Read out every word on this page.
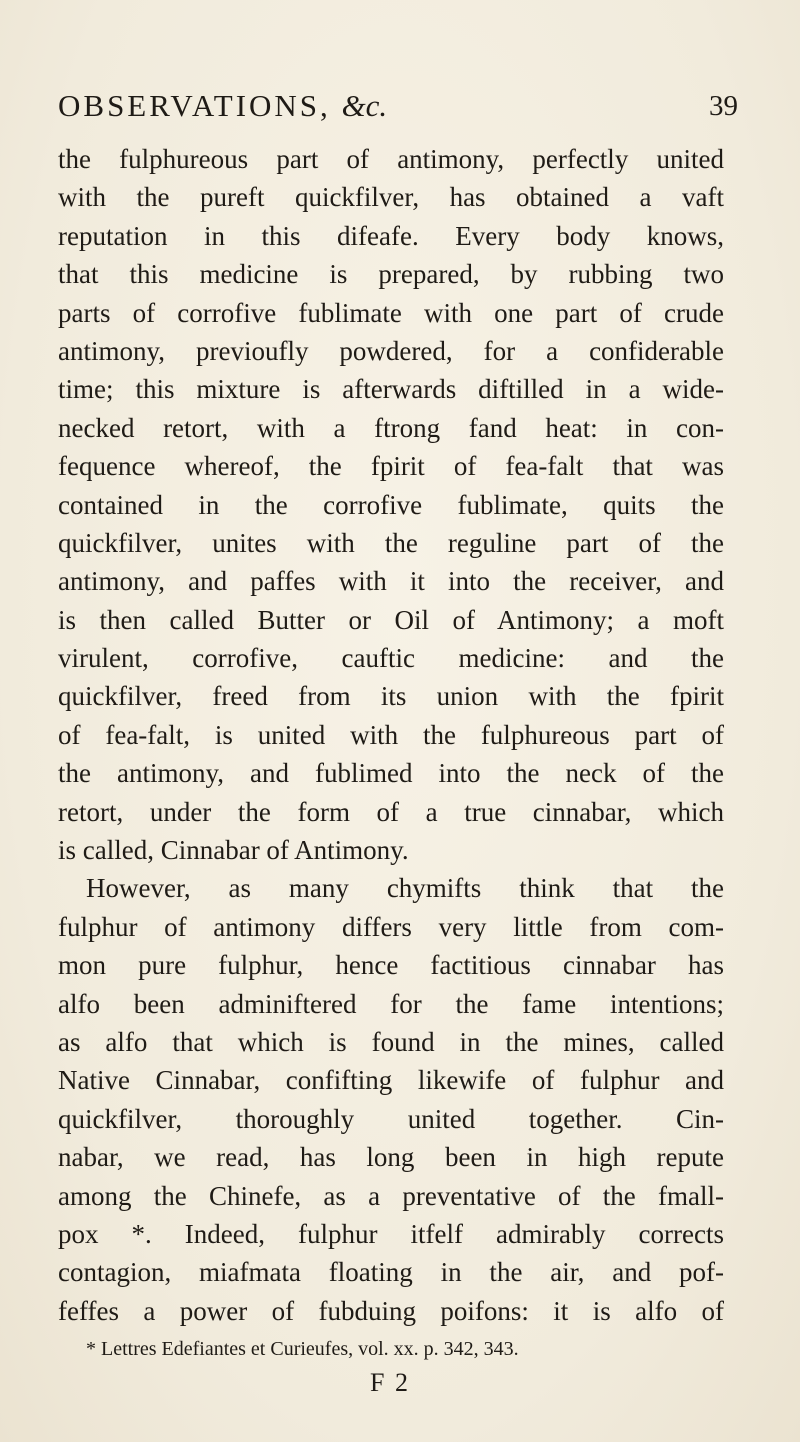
OBSERVATIONS, &c.	39
the fulphureous part of antimony, perfectly united
with the pureft quickfilver, has obtained a vaft
reputation in this difeafe. Every body knows,
that this medicine is prepared, by rubbing two
parts of corrofive fublimate with one part of crude
antimony, previoufly powdered, for a confiderable
time; this mixture is afterwards diftilled in a wide-
necked retort, with a ftrong fand heat: in con-
fequence whereof, the fpirit of fea-falt that was
contained in the corrofive fublimate, quits the
quickfilver, unites with the reguline part of the
antimony, and paffes with it into the receiver, and
is then called Butter or Oil of Antimony; a moft
virulent, corrofive, cauftic medicine: and the
quickfilver, freed from its union with the fpirit
of fea-falt, is united with the fulphureous part of
the antimony, and fublimed into the neck of the
retort, under the form of a true cinnabar, which
is called, Cinnabar of Antimony.
However, as many chymifts think that the
fulphur of antimony differs very little from com-
mon pure fulphur, hence factitious cinnabar has
alfo been adminiftered for the fame intentions;
as alfo that which is found in the mines, called
Native Cinnabar, confifting likewife of fulphur and
quickfilver, thoroughly united together. Cin-
nabar, we read, has long been in high repute
among the Chinefe, as a preventative of the fmall-
pox *. Indeed, fulphur itfelf admirably corrects
contagion, miafmata floating in the air, and pof-
feffes a power of fubduing poifons: it is alfo of
* Lettres Edefiantes et Curieufes, vol. xx. p. 342, 343.
F 2
